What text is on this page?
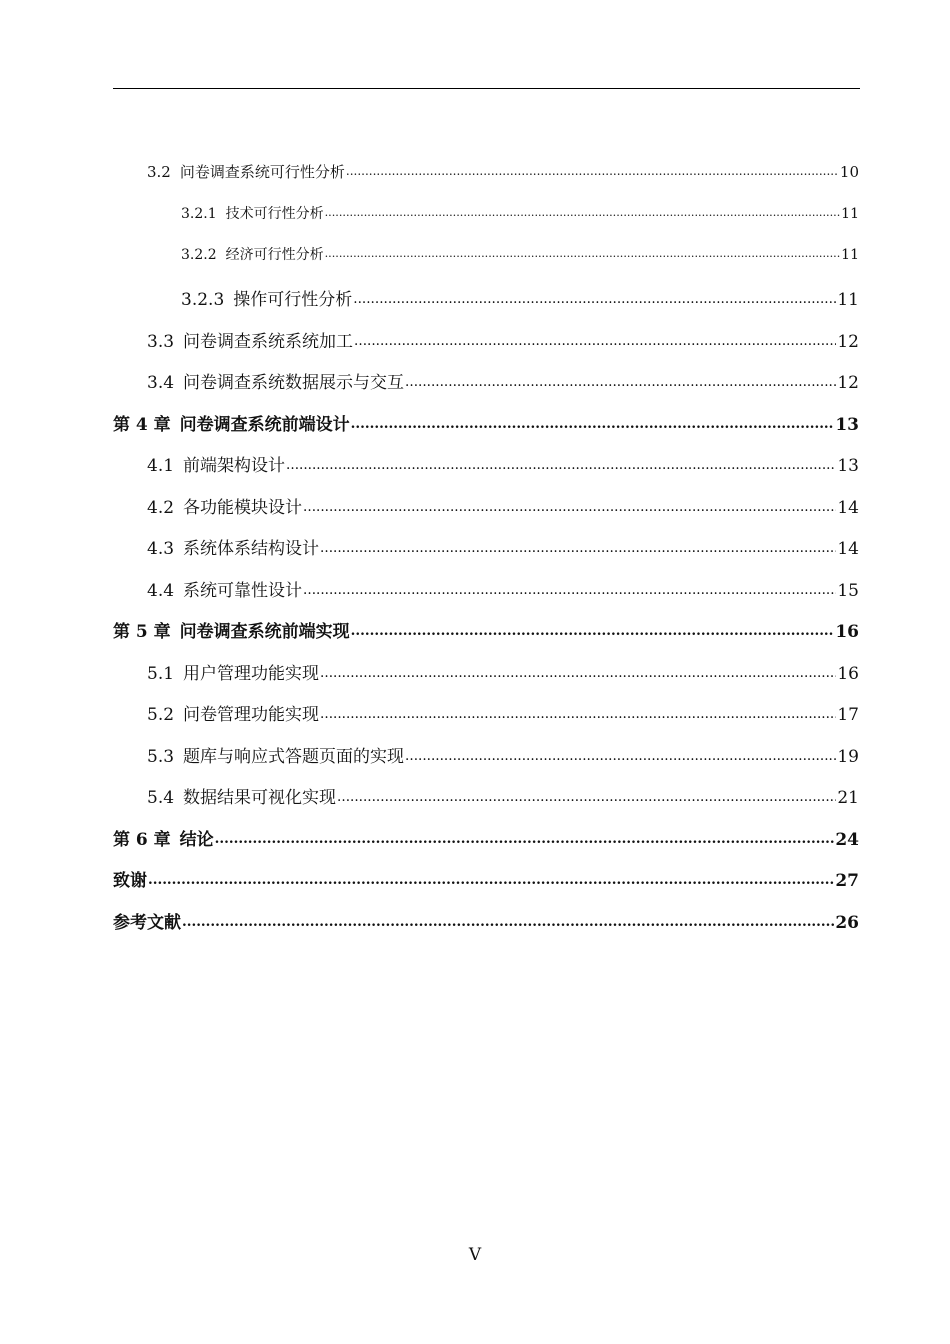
3.2 问卷调查系统可行性分析 .....	10
3.2.1 技术可行性分析 .....	11
3.2.2 经济可行性分析 .....	11
3.2.3 操作可行性分析 .....	11
3.3 问卷调查系统系统加工 .....	12
3.4 问卷调查系统数据展示与交互 .....	12
第 4 章 问卷调查系统前端设计 .....	13
4.1 前端架构设计 .....	13
4.2 各功能模块设计 .....	14
4.3 系统体系结构设计 .....	14
4.4 系统可靠性设计 .....	15
第 5 章 问卷调查系统前端实现 .....	16
5.1 用户管理功能实现 .....	16
5.2 问卷管理功能实现 .....	17
5.3 题库与响应式答题页面的实现 .....	19
5.4 数据结果可视化实现 .....	21
第 6 章 结论 .....	24
致谢 .....	27
参考文献 .....	26
V
